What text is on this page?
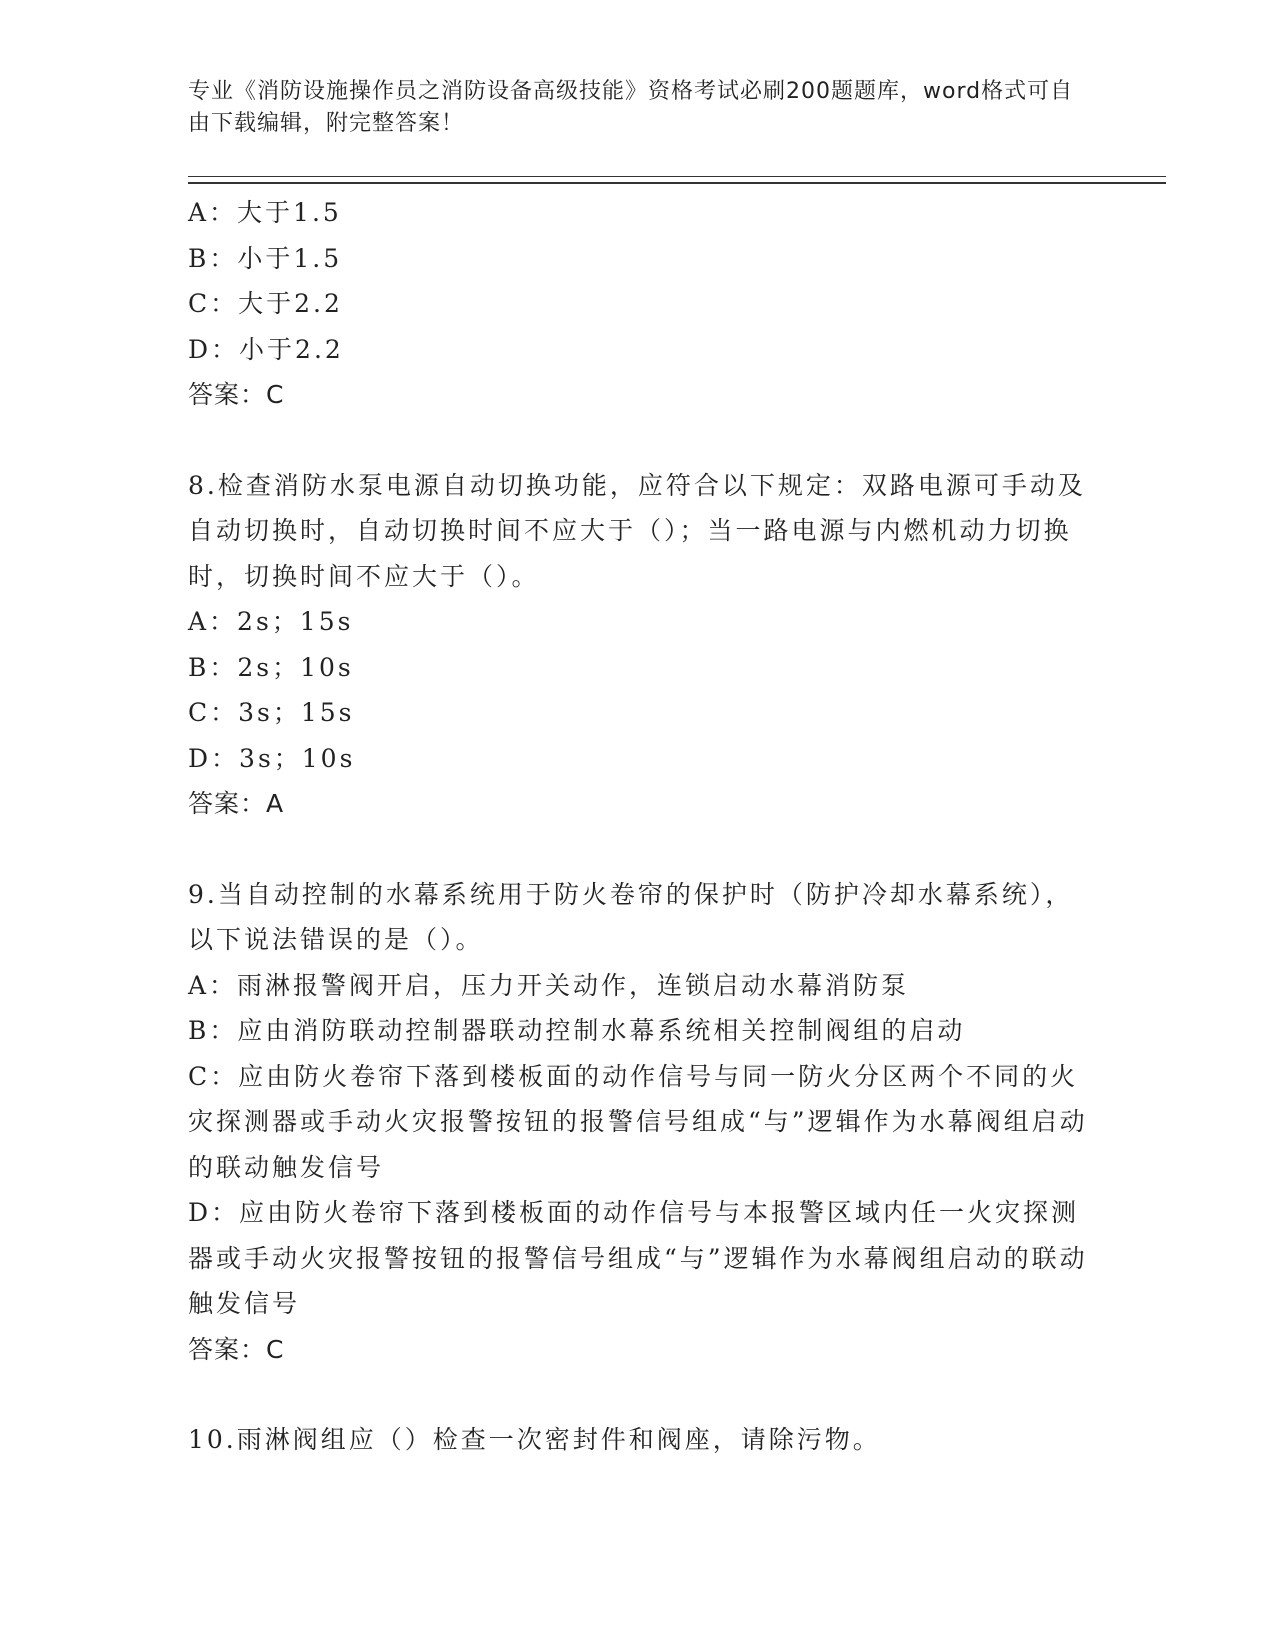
专业《消防设施操作员之消防设备高级技能》资格考试必刷200题题库，word格式可自由下载编辑，附完整答案！
A：大于1.5
B：小于1.5
C：大于2.2
D：小于2.2
答案：C
8.检查消防水泵电源自动切换功能，应符合以下规定：双路电源可手动及自动切换时，自动切换时间不应大于（）；当一路电源与内燃机动力切换时，切换时间不应大于（）。
A：2s；15s
B：2s；10s
C：3s；15s
D：3s；10s
答案：A
9.当自动控制的水幕系统用于防火卷帘的保护时（防护冷却水幕系统），以下说法错误的是（）。
A：雨淋报警阀开启，压力开关动作，连锁启动水幕消防泵
B：应由消防联动控制器联动控制水幕系统相关控制阀组的启动
C：应由防火卷帘下落到楼板面的动作信号与同一防火分区两个不同的火灾探测器或手动火灾报警按钮的报警信号组成“与”逻辑作为水幕阀组启动的联动触发信号
D：应由防火卷帘下落到楼板面的动作信号与本报警区域内任一火灾探测器或手动火灾报警按钮的报警信号组成“与”逻辑作为水幕阀组启动的联动触发信号
答案：C
10.雨淋阀组应（）检查一次密封件和阀座，请除污物。
